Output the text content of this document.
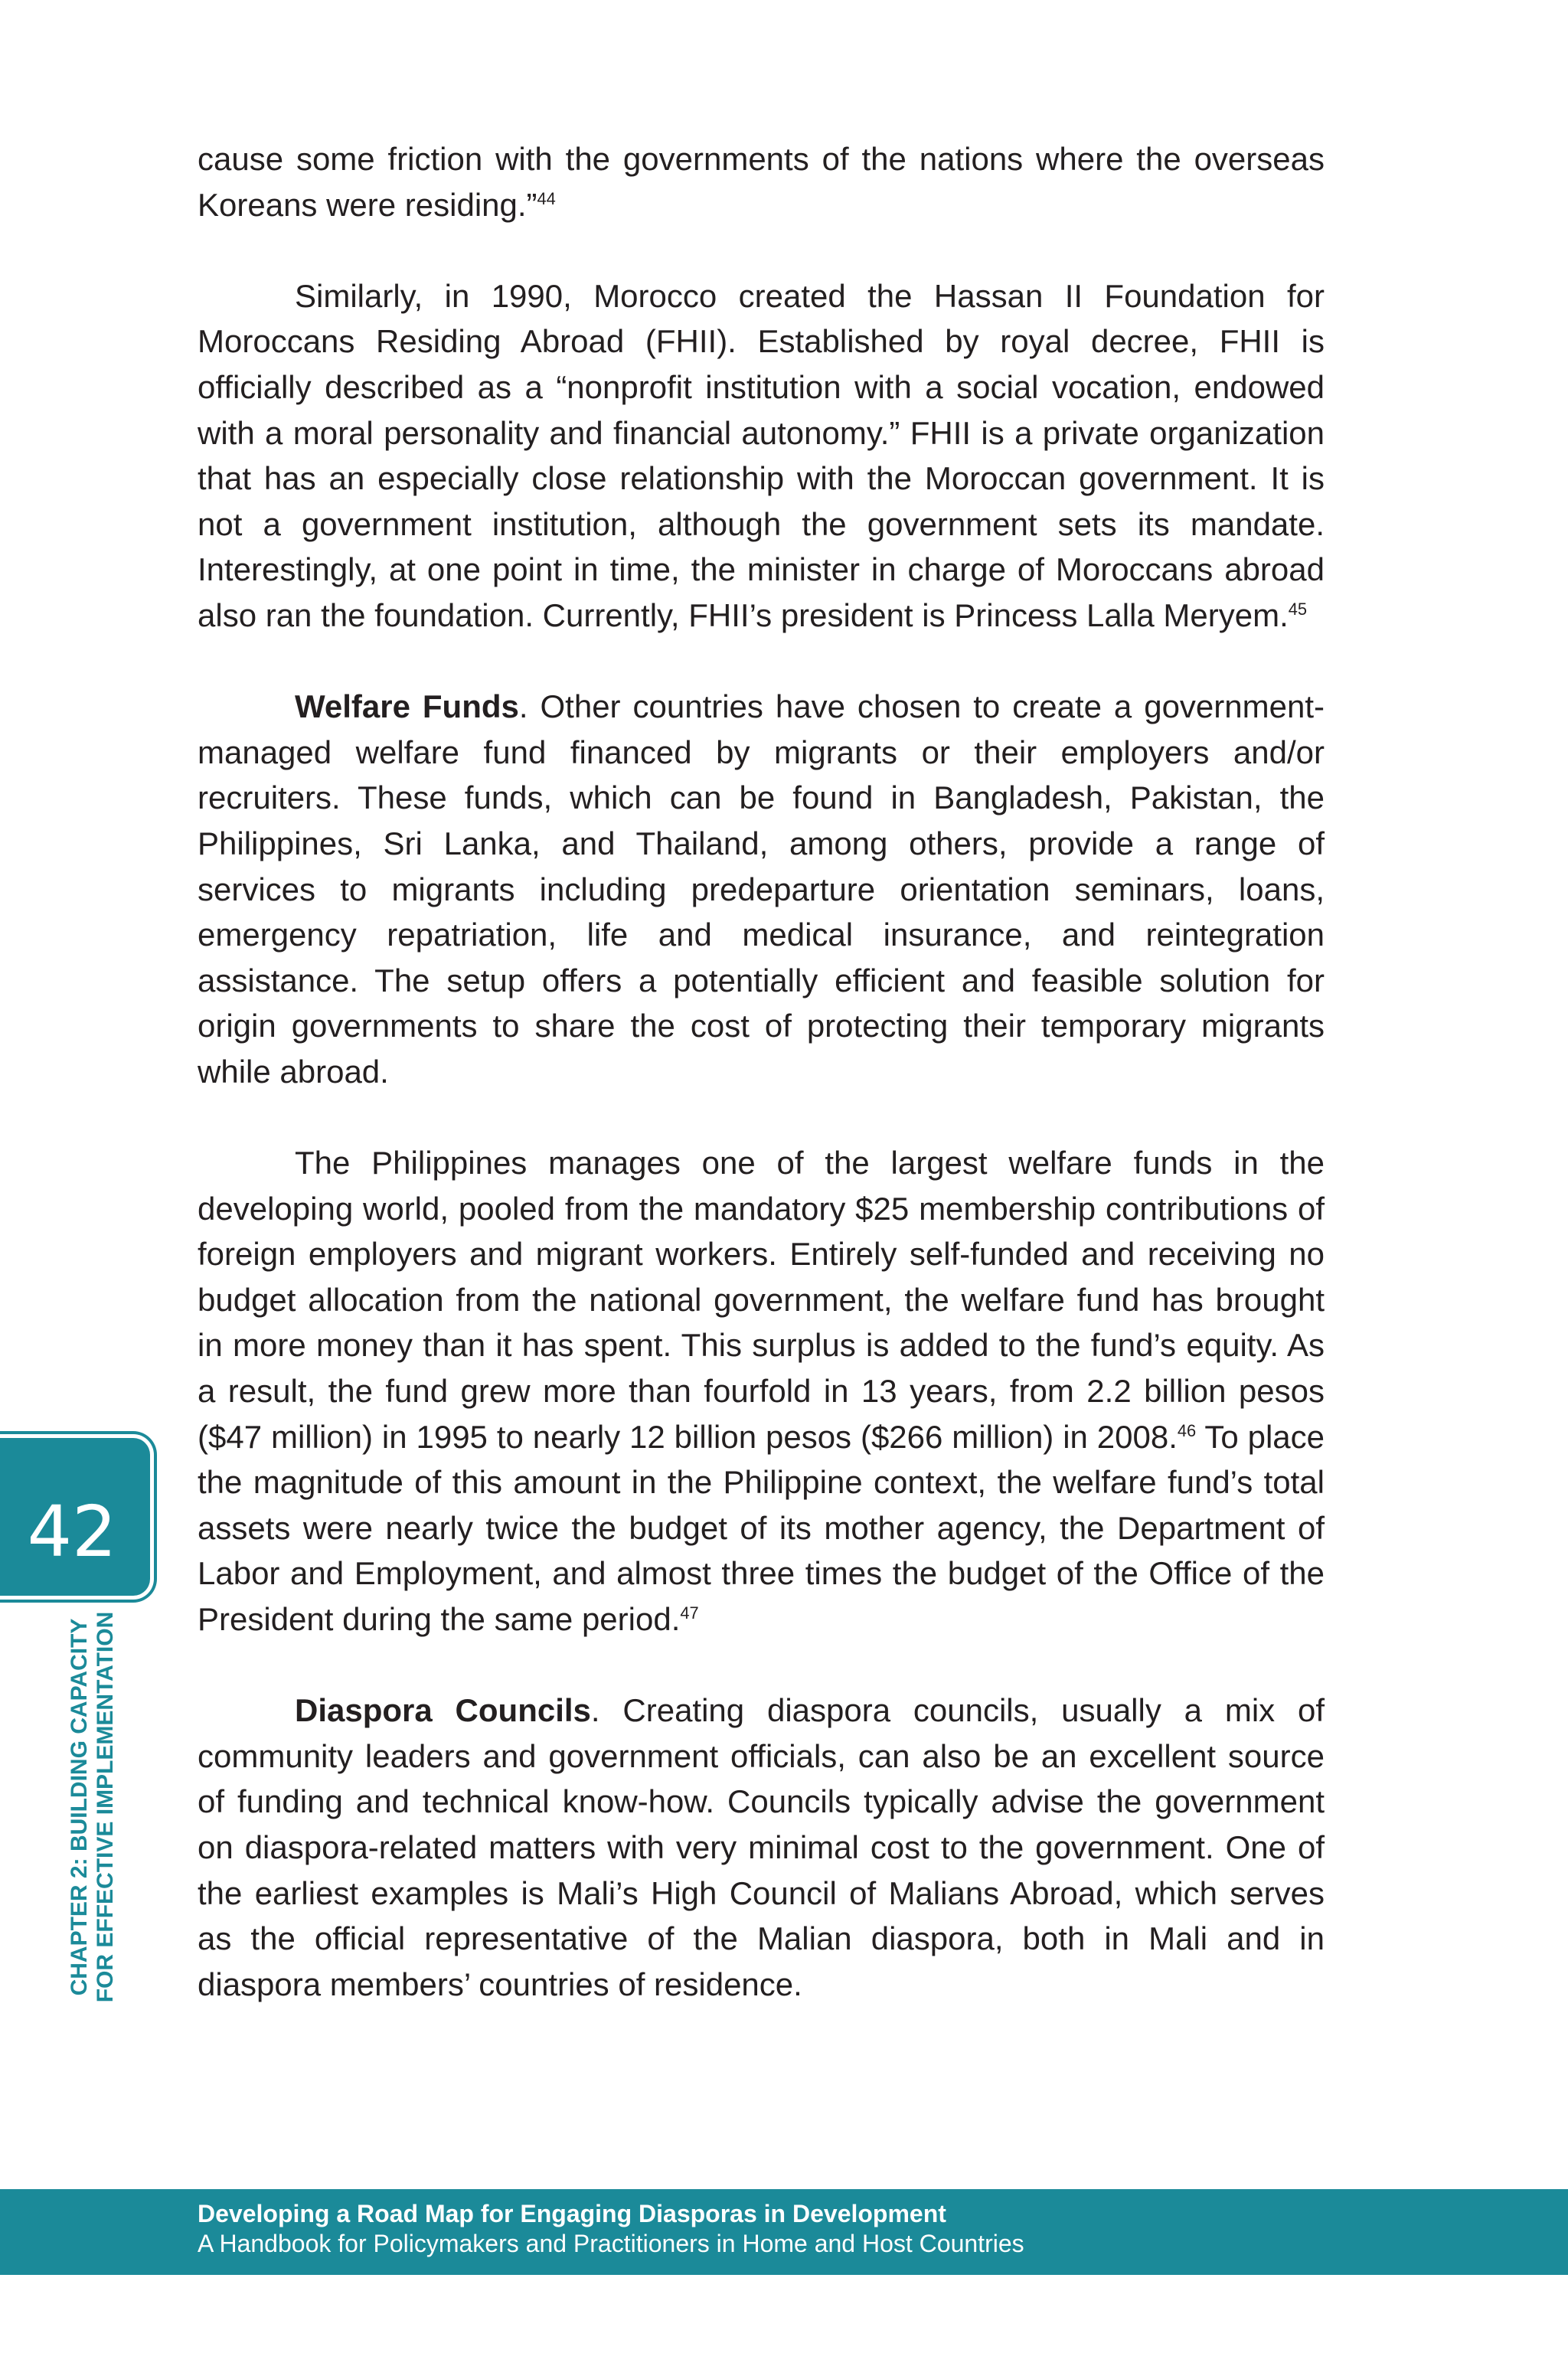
cause some friction with the governments of the nations where the overseas Koreans were residing.”$^{44}$

Similarly, in 1990, Morocco created the Hassan II Foundation for Moroccans Residing Abroad (FHII). Established by royal decree, FHII is officially described as a “nonprofit institution with a social vocation, endowed with a moral personality and financial autonomy.” FHII is a private organization that has an especially close relationship with the Moroccan government. It is not a government institution, although the government sets its mandate. Interestingly, at one point in time, the minister in charge of Moroccans abroad also ran the foundation. Currently, FHII’s president is Princess Lalla Meryem.$^{45}$

Welfare Funds. Other countries have chosen to create a government-managed welfare fund financed by migrants or their employers and/or recruiters. These funds, which can be found in Bangladesh, Pakistan, the Philippines, Sri Lanka, and Thailand, among others, provide a range of services to migrants including predeparture orientation seminars, loans, emergency repatriation, life and medical insurance, and reintegration assistance. The setup offers a potentially efficient and feasible solution for origin governments to share the cost of protecting their temporary migrants while abroad.

The Philippines manages one of the largest welfare funds in the developing world, pooled from the mandatory $25 membership contributions of foreign employers and migrant workers. Entirely self-funded and receiving no budget allocation from the national government, the welfare fund has brought in more money than it has spent. This surplus is added to the fund’s equity. As a result, the fund grew more than fourfold in 13 years, from 2.2 billion pesos ($47 million) in 1995 to nearly 12 billion pesos ($266 million) in 2008.46 To place the magnitude of this amount in the Philippine context, the welfare fund’s total assets were nearly twice the budget of its mother agency, the Department of Labor and Employment, and almost three times the budget of the Office of the President during the same period.$^{47}$

Diaspora Councils. Creating diaspora councils, usually a mix of community leaders and government officials, can also be an excellent source of funding and technical know-how. Councils typically advise the government on diaspora-related matters with very minimal cost to the government. One of the earliest examples is Mali’s High Council of Malians Abroad, which serves as the official representative of the Malian diaspora, both in Mali and in diaspora members’ countries of residence.

42
CHAPTER 2: BUILDING CAPACITY FOR EFFECTIVE IMPLEMENTATION
Developing a Road Map for Engaging Diasporas in Development
A Handbook for Policymakers and Practitioners in Home and Host Countries
